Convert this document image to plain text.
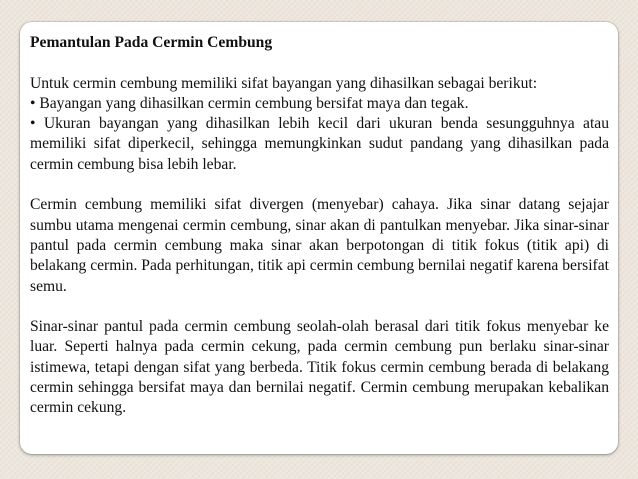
Pemantulan Pada Cermin Cembung

Untuk cermin cembung memiliki sifat bayangan yang dihasilkan sebagai berikut:

• Bayangan yang dihasilkan cermin cembung bersifat maya dan tegak.

• Ukuran bayangan yang dihasilkan lebih kecil dari ukuran benda sesungguhnya atau memiliki sifat diperkecil, sehingga memungkinkan sudut pandang yang dihasilkan pada cermin cembung bisa lebih lebar.

Cermin cembung memiliki sifat divergen (menyebar) cahaya. Jika sinar datang sejajar sumbu utama mengenai cermin cembung, sinar akan di pantulkan menyebar. Jika sinar-sinar pantul pada cermin cembung maka sinar akan berpotongan di titik fokus (titik api) di belakang cermin. Pada perhitungan, titik api cermin cembung bernilai negatif karena bersifat semu.

Sinar-sinar pantul pada cermin cembung seolah-olah berasal dari titik fokus menyebar ke luar. Seperti halnya pada cermin cekung, pada cermin cembung pun berlaku sinar-sinar istimewa, tetapi dengan sifat yang berbeda. Titik fokus cermin cembung berada di belakang cermin sehingga bersifat maya dan bernilai negatif. Cermin cembung merupakan kebalikan cermin cekung.
